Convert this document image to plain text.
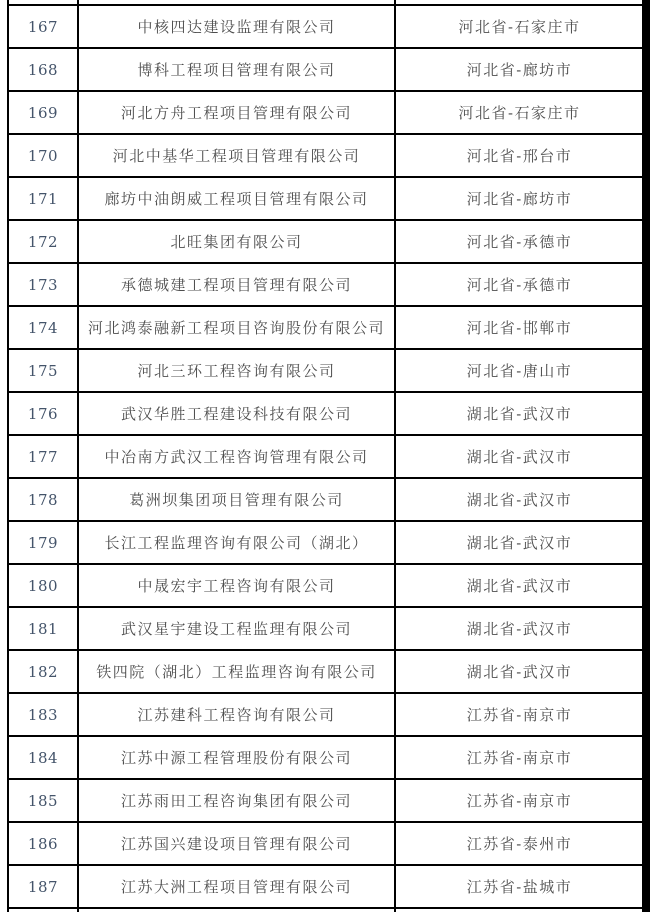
167	中核四达建设监理有限公司	河北省-石家庄市
168	博科工程项目管理有限公司	河北省-廊坊市
169	河北方舟工程项目管理有限公司	河北省-石家庄市
170	河北中基华工程项目管理有限公司	河北省-邢台市
171	廊坊中油朗威工程项目管理有限公司	河北省-廊坊市
172	北旺集团有限公司	河北省-承德市
173	承德城建工程项目管理有限公司	河北省-承德市
174	河北鸿泰融新工程项目咨询股份有限公司	河北省-邯郸市
175	河北三环工程咨询有限公司	河北省-唐山市
176	武汉华胜工程建设科技有限公司	湖北省-武汉市
177	中冶南方武汉工程咨询管理有限公司	湖北省-武汉市
178	葛洲坝集团项目管理有限公司	湖北省-武汉市
179	长江工程监理咨询有限公司（湖北）	湖北省-武汉市
180	中晟宏宇工程咨询有限公司	湖北省-武汉市
181	武汉星宇建设工程监理有限公司	湖北省-武汉市
182	铁四院（湖北）工程监理咨询有限公司	湖北省-武汉市
183	江苏建科工程咨询有限公司	江苏省-南京市
184	江苏中源工程管理股份有限公司	江苏省-南京市
185	江苏雨田工程咨询集团有限公司	江苏省-南京市
186	江苏国兴建设项目管理有限公司	江苏省-泰州市
187	江苏大洲工程项目管理有限公司	江苏省-盐城市
